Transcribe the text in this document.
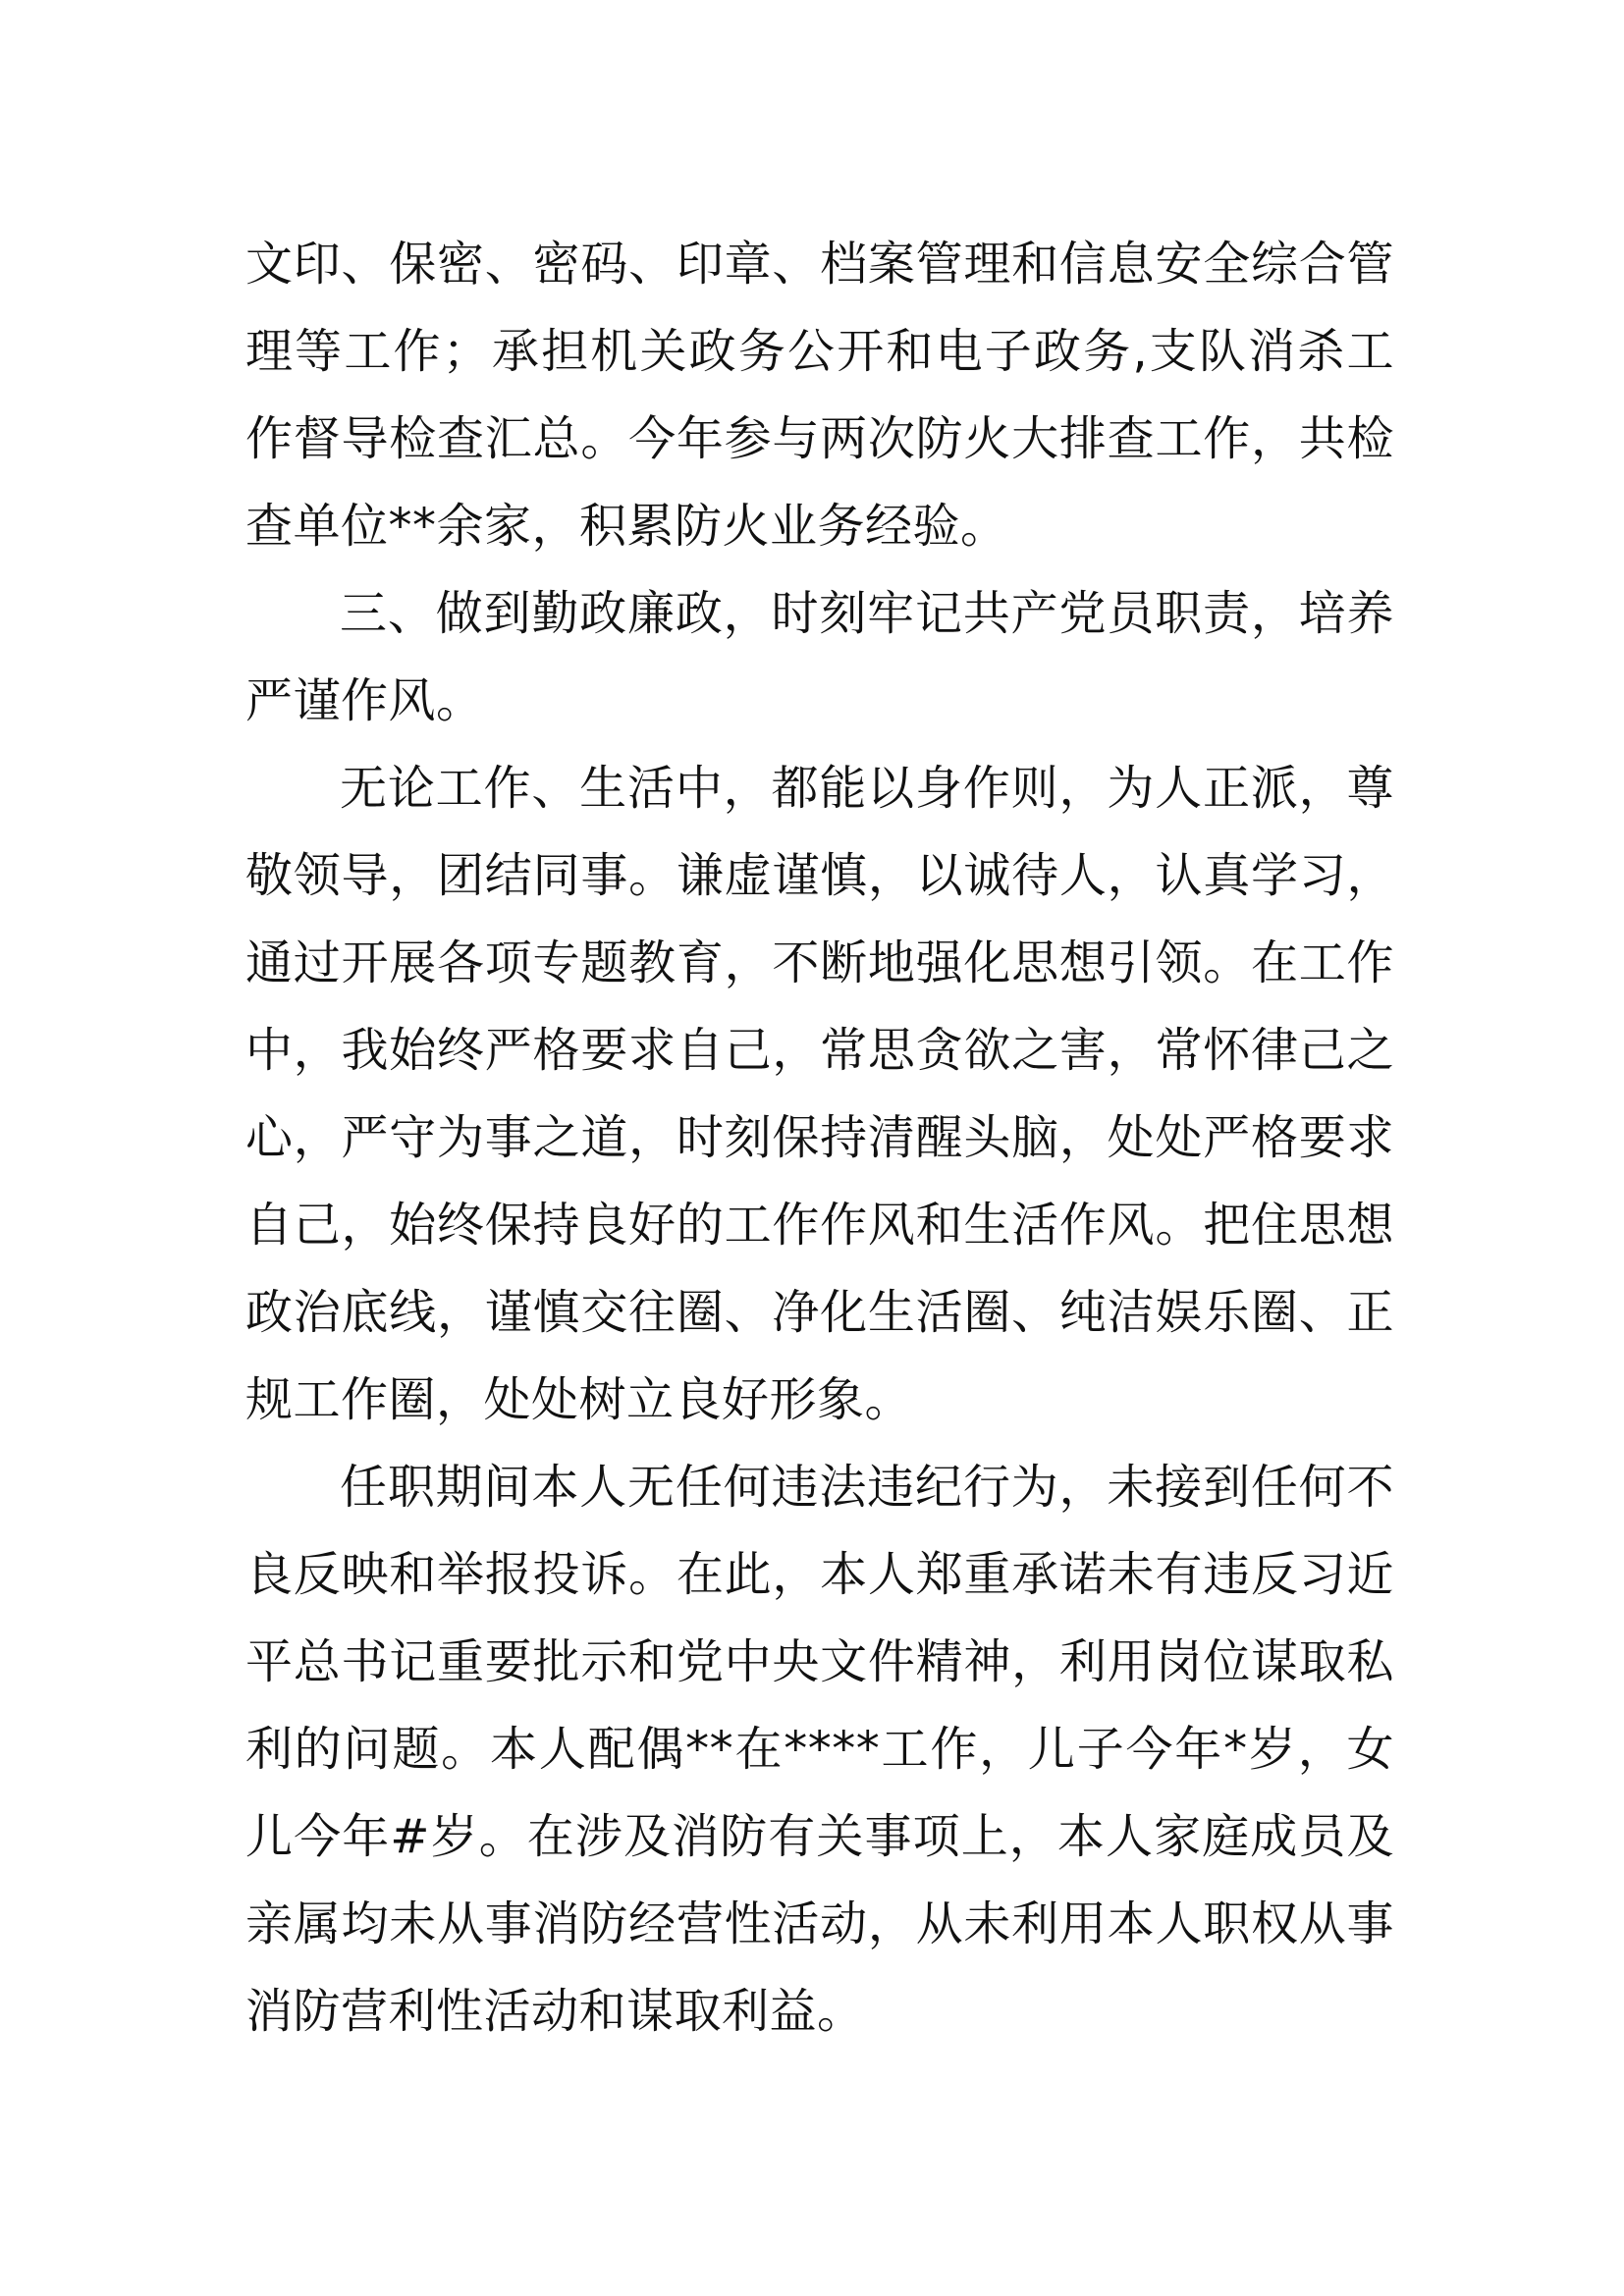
文印、保密、密码、印章、档案管理和信息安全综合管理等工作；承担机关政务公开和电子政务,支队消杀工作督导检查汇总。今年参与两次防火大排查工作，共检查单位**余家，积累防火业务经验。

三、做到勤政廉政，时刻牢记共产党员职责，培养严谨作风。

无论工作、生活中，都能以身作则，为人正派，尊敬领导，团结同事。谦虚谨慎，以诚待人，认真学习，通过开展各项专题教育，不断地强化思想引领。在工作中，我始终严格要求自己，常思贪欲之害，常怀律己之心，严守为事之道，时刻保持清醒头脑，处处严格要求自己，始终保持良好的工作作风和生活作风。把住思想政治底线，谨慎交往圈、净化生活圈、纯洁娱乐圈、正规工作圈，处处树立良好形象。

任职期间本人无任何违法违纪行为，未接到任何不良反映和举报投诉。在此，本人郑重承诺未有违反习近平总书记重要批示和党中央文件精神，利用岗位谋取私利的问题。本人配偶**在****工作，儿子今年*岁，女儿今年#岁。在涉及消防有关事项上，本人家庭成员及亲属均未从事消防经营性活动，从未利用本人职权从事消防营利性活动和谋取利益。
